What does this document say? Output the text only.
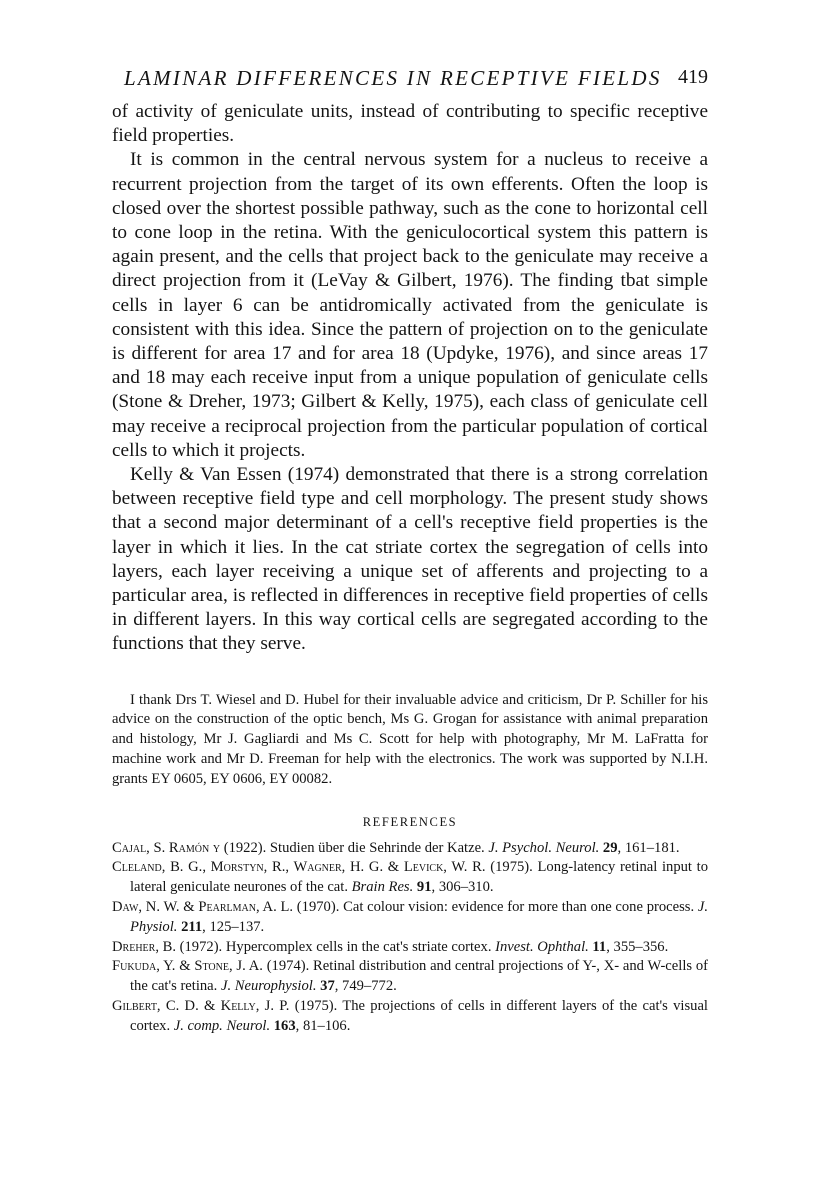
LAMINAR DIFFERENCES IN RECEPTIVE FIELDS 419

of activity of geniculate units, instead of contributing to specific receptive field properties.

It is common in the central nervous system for a nucleus to receive a recurrent projection from the target of its own efferents. Often the loop is closed over the shortest possible pathway, such as the cone to horizontal cell to cone loop in the retina. With the geniculocortical system this pattern is again present, and the cells that project back to the geniculate may receive a direct projection from it (LeVay & Gilbert, 1976). The finding tbat simple cells in layer 6 can be antidromically activated from the geniculate is consistent with this idea. Since the pattern of projection on to the geniculate is different for area 17 and for area 18 (Updyke, 1976), and since areas 17 and 18 may each receive input from a unique population of geniculate cells (Stone & Dreher, 1973; Gilbert & Kelly, 1975), each class of geniculate cell may receive a reciprocal projection from the particular population of cortical cells to which it projects.

Kelly & Van Essen (1974) demonstrated that there is a strong correlation between receptive field type and cell morphology. The present study shows that a second major determinant of a cell's receptive field properties is the layer in which it lies. In the cat striate cortex the segregation of cells into layers, each layer receiving a unique set of afferents and projecting to a particular area, is reflected in differences in receptive field properties of cells in different layers. In this way cortical cells are segregated according to the functions that they serve.

I thank Drs T. Wiesel and D. Hubel for their invaluable advice and criticism, Dr P. Schiller for his advice on the construction of the optic bench, Ms G. Grogan for assistance with animal preparation and histology, Mr J. Gagliardi and Ms C. Scott for help with photography, Mr M. LaFratta for machine work and Mr D. Freeman for help with the electronics. The work was supported by N.I.H. grants EY 0605, EY 0606, EY 00082.

REFERENCES

Cajal, S. Ramón y (1922). Studien über die Sehrinde der Katze. J. Psychol. Neurol. 29, 161–181.

Cleland, B. G., Morstyn, R., Wagner, H. G. & Levick, W. R. (1975). Long-latency retinal input to lateral geniculate neurones of the cat. Brain Res. 91, 306–310.

Daw, N. W. & Pearlman, A. L. (1970). Cat colour vision: evidence for more than one cone process. J. Physiol. 211, 125–137.

Dreher, B. (1972). Hypercomplex cells in the cat's striate cortex. Invest. Ophthal. 11, 355–356.

Fukuda, Y. & Stone, J. A. (1974). Retinal distribution and central projections of Y-, X- and W-cells of the cat's retina. J. Neurophysiol. 37, 749–772.

Gilbert, C. D. & Kelly, J. P. (1975). The projections of cells in different layers of the cat's visual cortex. J. comp. Neurol. 163, 81–106.
